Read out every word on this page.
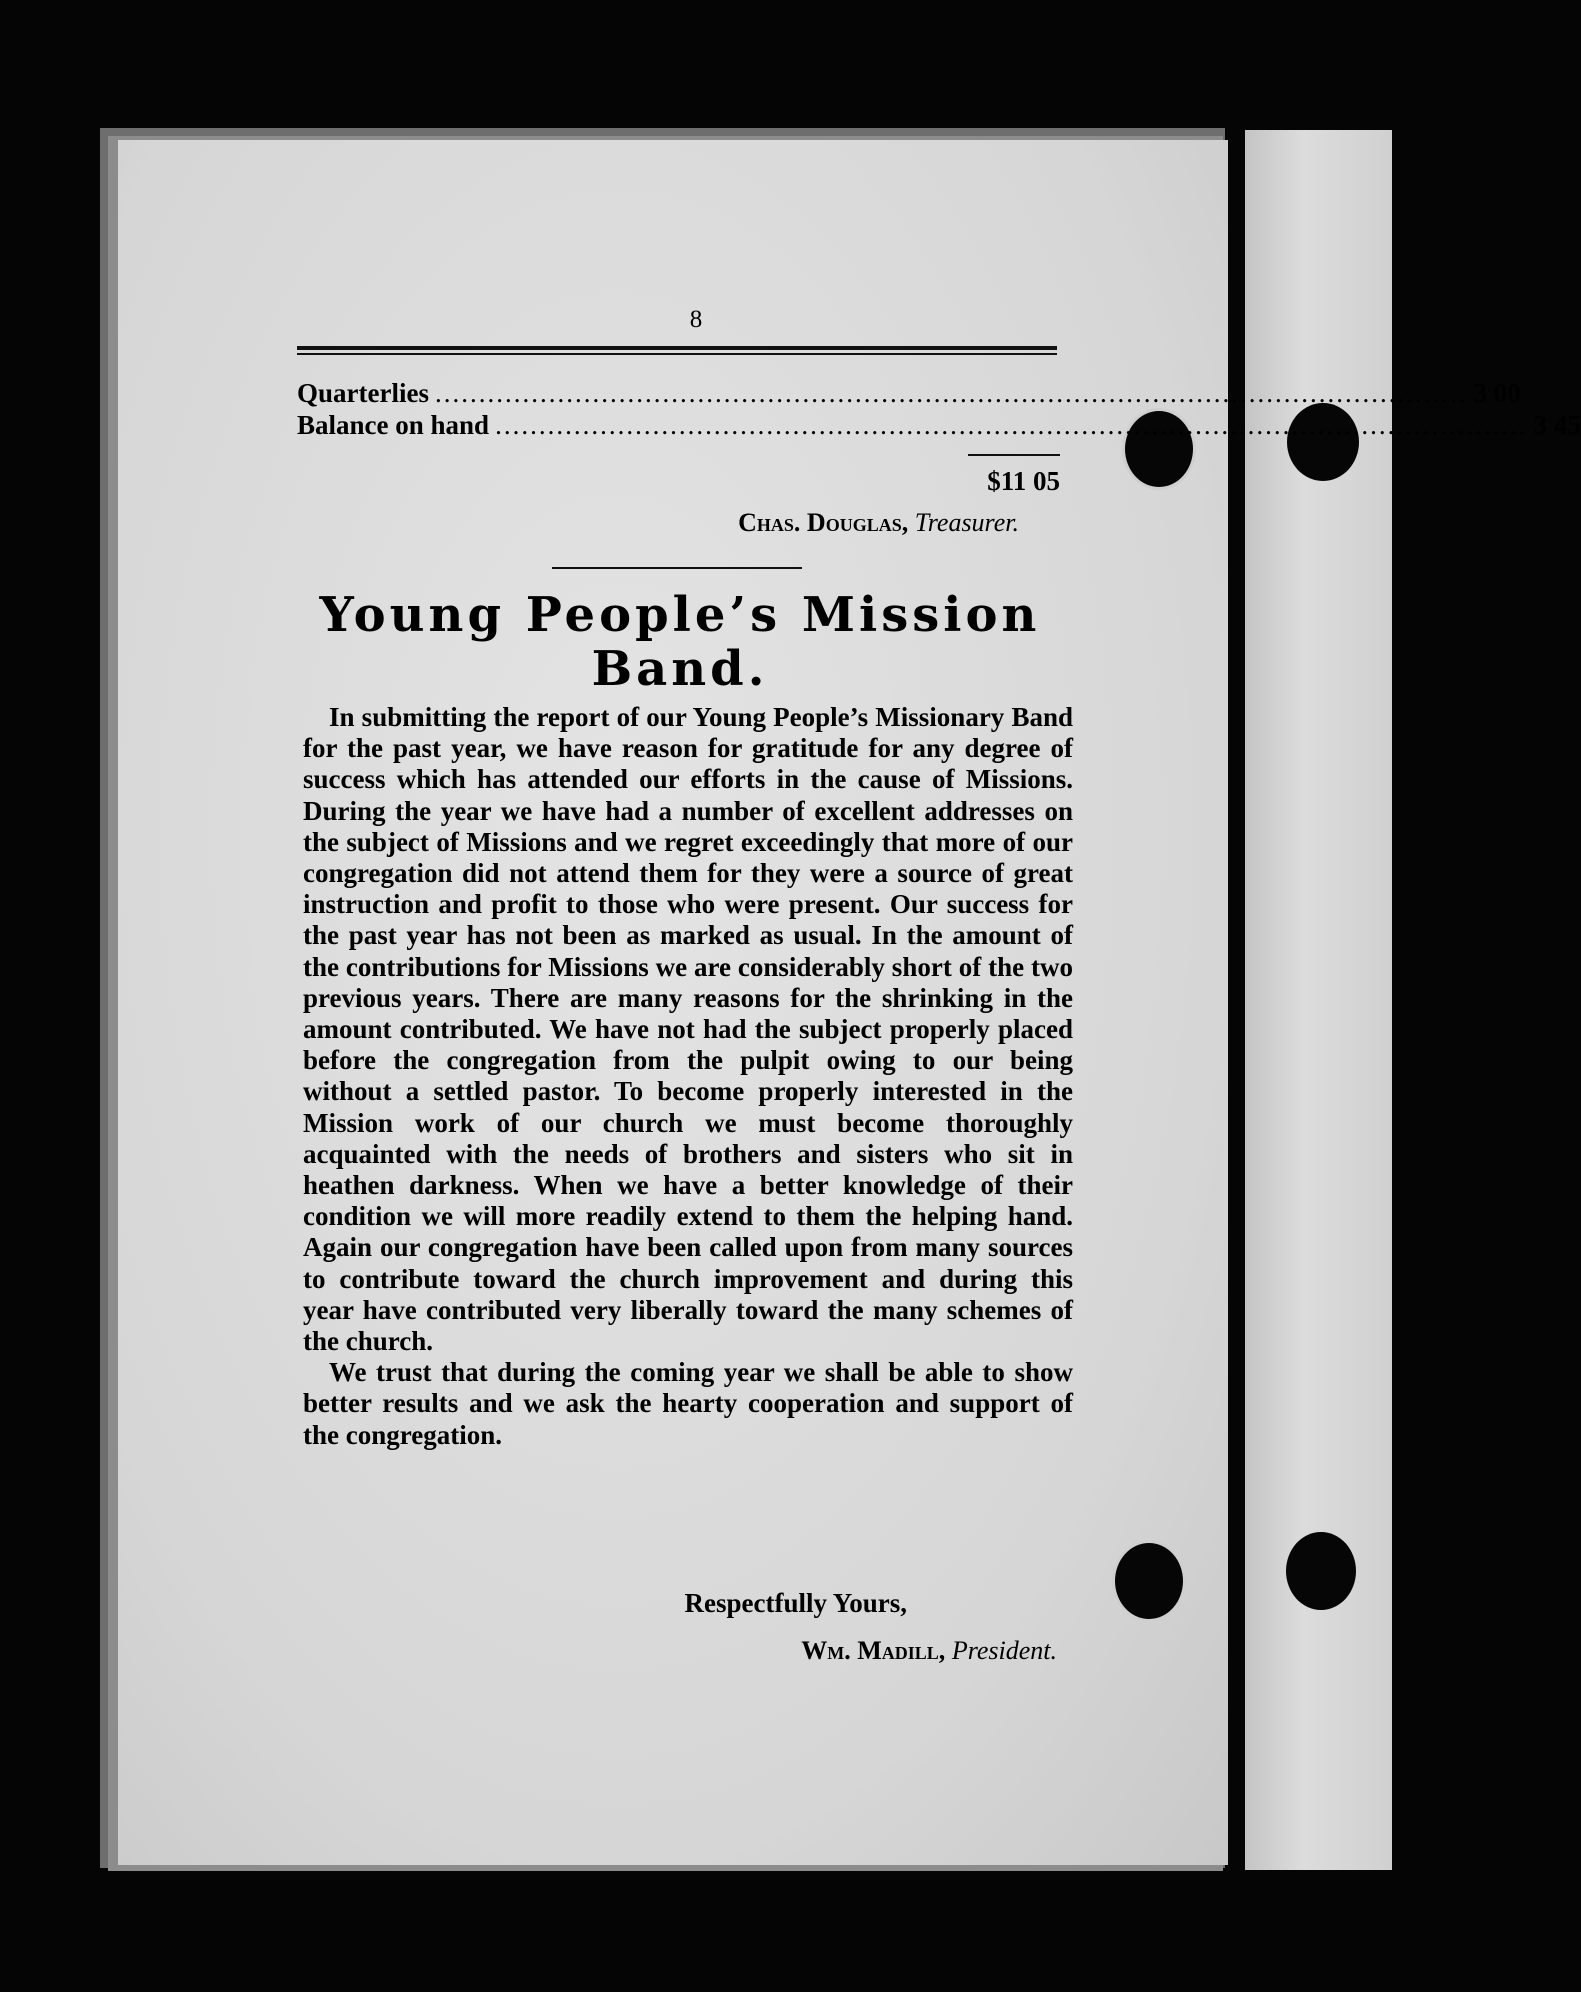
8
Quarterlies ...................................................................................................................... 3 00
Balance on hand ...................................................................................................................... 3 45
$11 05
Chas. Douglas, Treasurer.
Young People’s Mission Band.

In submitting the report of our Young People’s Missionary Band for the past year, we have reason for gratitude for any degree of success which has attended our efforts in the cause of Missions. During the year we have had a number of excellent addresses on the subject of Missions and we regret exceedingly that more of our congregation did not attend them for they were a source of great instruction and profit to those who were present. Our success for the past year has not been as marked as usual. In the amount of the contributions for Missions we are considerably short of the two previous years. There are many reasons for the shrinking in the amount contributed. We have not had the subject properly placed before the congregation from the pulpit owing to our being without a settled pastor. To become properly interested in the Mission work of our church we must become thoroughly acquainted with the needs of brothers and sisters who sit in heathen darkness. When we have a better knowledge of their condition we will more readily extend to them the helping hand. Again our congregation have been called upon from many sources to contribute toward the church improvement and during this year have contributed very liberally toward the many schemes of the church.

We trust that during the coming year we shall be able to show better results and we ask the hearty cooperation and support of the congregation.

Respectfully Yours,
Wm. Madill, President.
